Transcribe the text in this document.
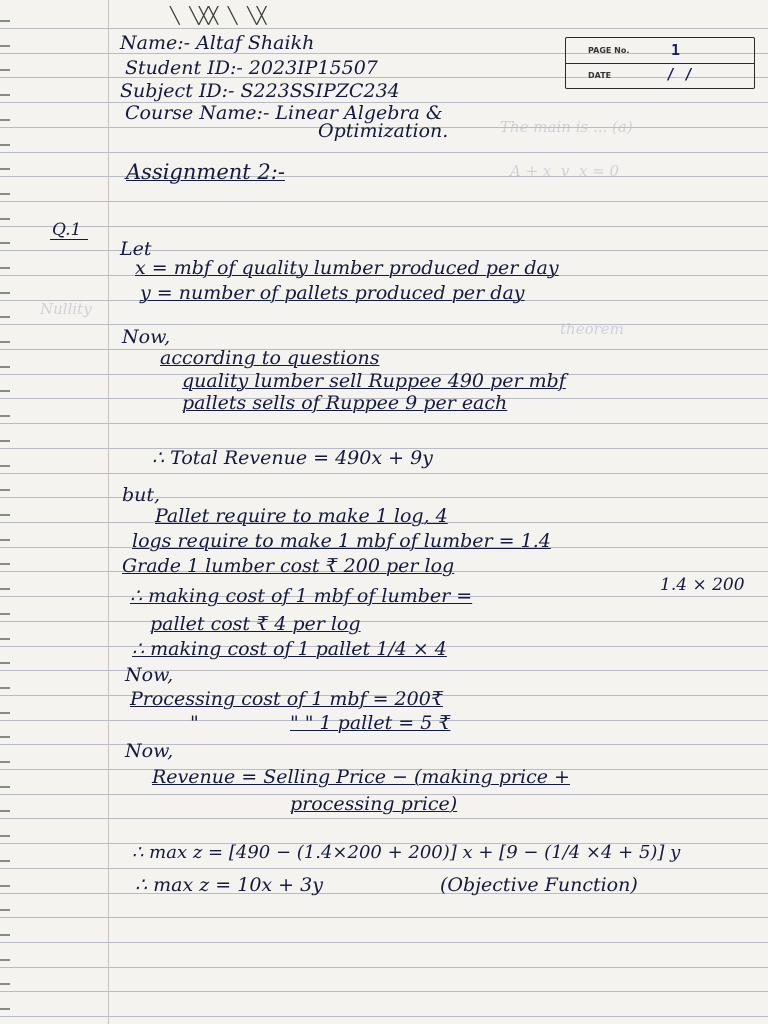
╲ ╲╳╳ ╲ ╲╳
PAGE No.	1
DATE	/ /
The main is ... (a)
A + x  v  x = 0
Nullity
theorem
Name:- Altaf Shaikh
Student ID:- 2023IP15507
Subject ID:- S223SSIPZC234
Course Name:- Linear Algebra &
Optimization.
Assignment 2:-
Q.1
Let
x = mbf of quality lumber produced per day
y = number of pallets produced per day
Now,
according to questions
quality lumber sell Ruppee 490 per mbf
pallets sells of Ruppee 9 per each
∴ Total Revenue = 490x + 9y
but,
Pallet require to make 1 log, 4
logs require to make 1 mbf of lumber = 1.4
Grade 1 lumber cost ₹ 200 per log
∴ making cost of 1 mbf of lumber =	1.4 × 200
pallet cost ₹ 4 per log
∴ making cost of 1 pallet 1/4 × 4
Now,
Processing cost of 1 mbf = 200₹
"	" " 1 pallet = 5 ₹
Now,
Revenue = Selling Price − (making price +
processing price)
∴ max z = [490 − (1.4×200 + 200)] x + [9 − (1/4 ×4 + 5)] y
∴ max z = 10x + 3y	(Objective Function)
